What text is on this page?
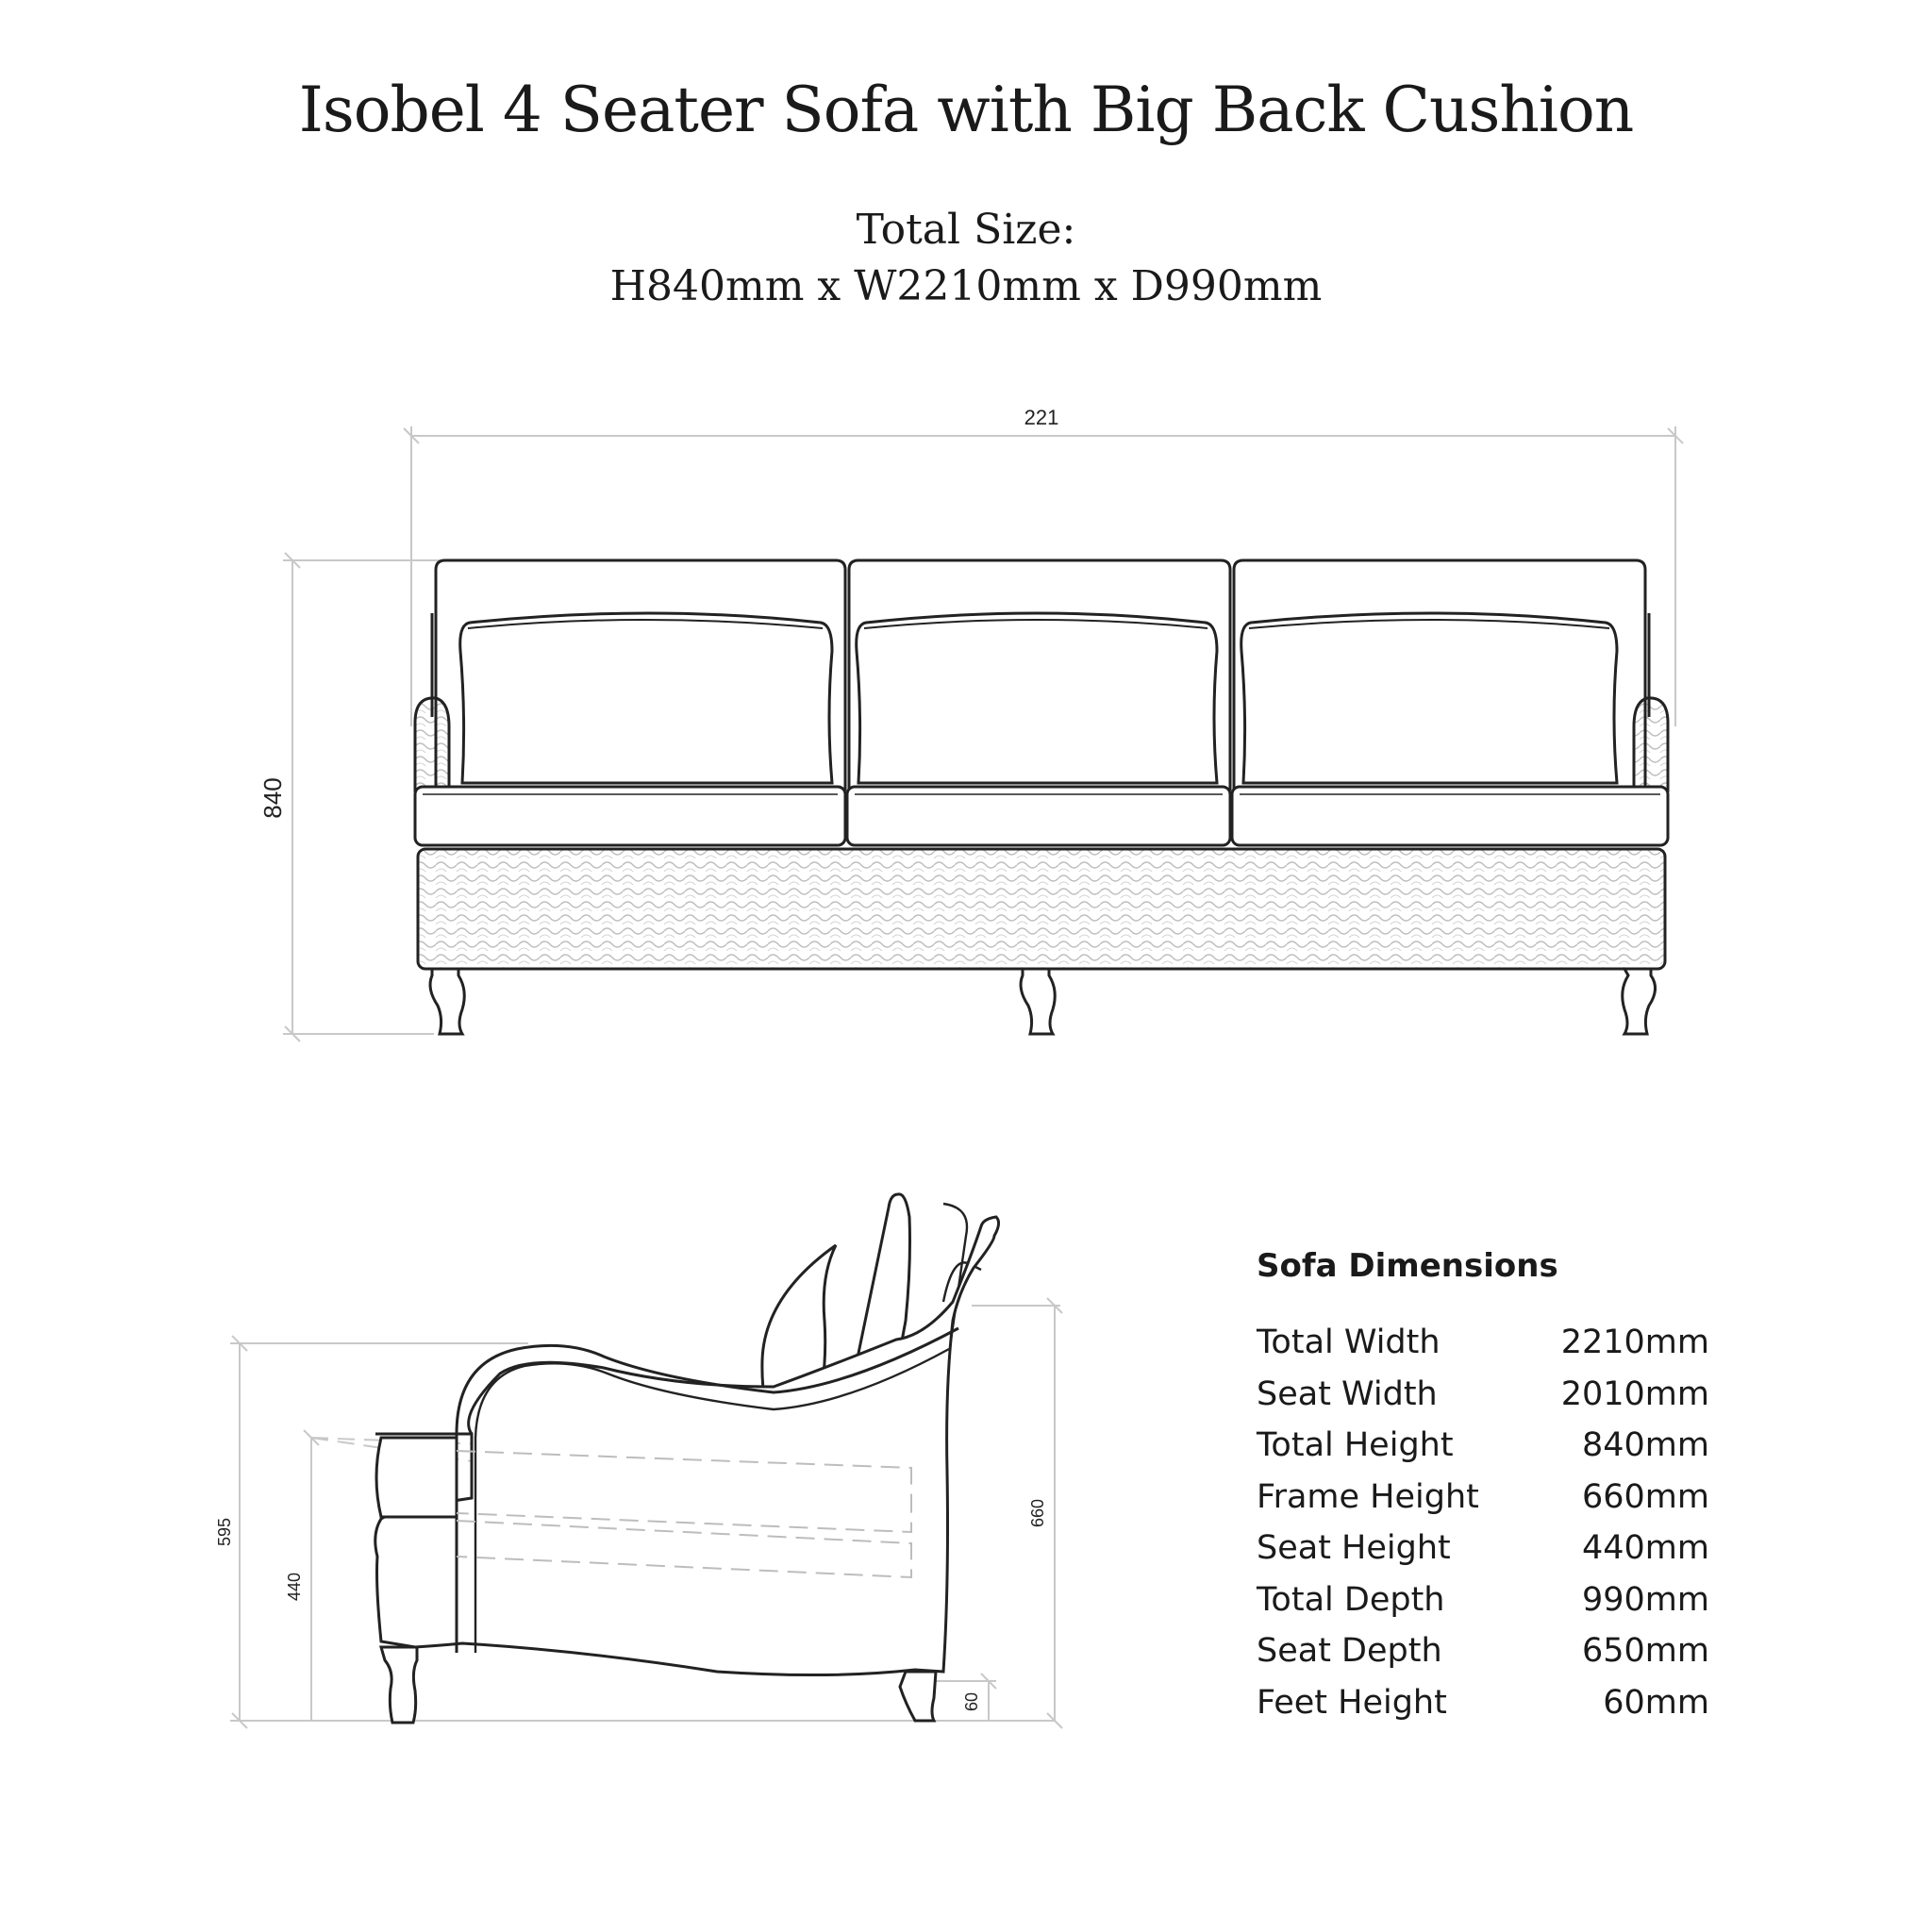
Isobel 4 Seater Sofa with Big Back Cushion
Total Size:
H840mm x W2210mm x D990mm
221
840
595
440
660
60
Sofa Dimensions
Total Width	2210mm
Seat Width	2010mm
Total Height	840mm
Frame Height	660mm
Seat Height	440mm
Total Depth	990mm
Seat Depth	650mm
Feet Height	60mm
